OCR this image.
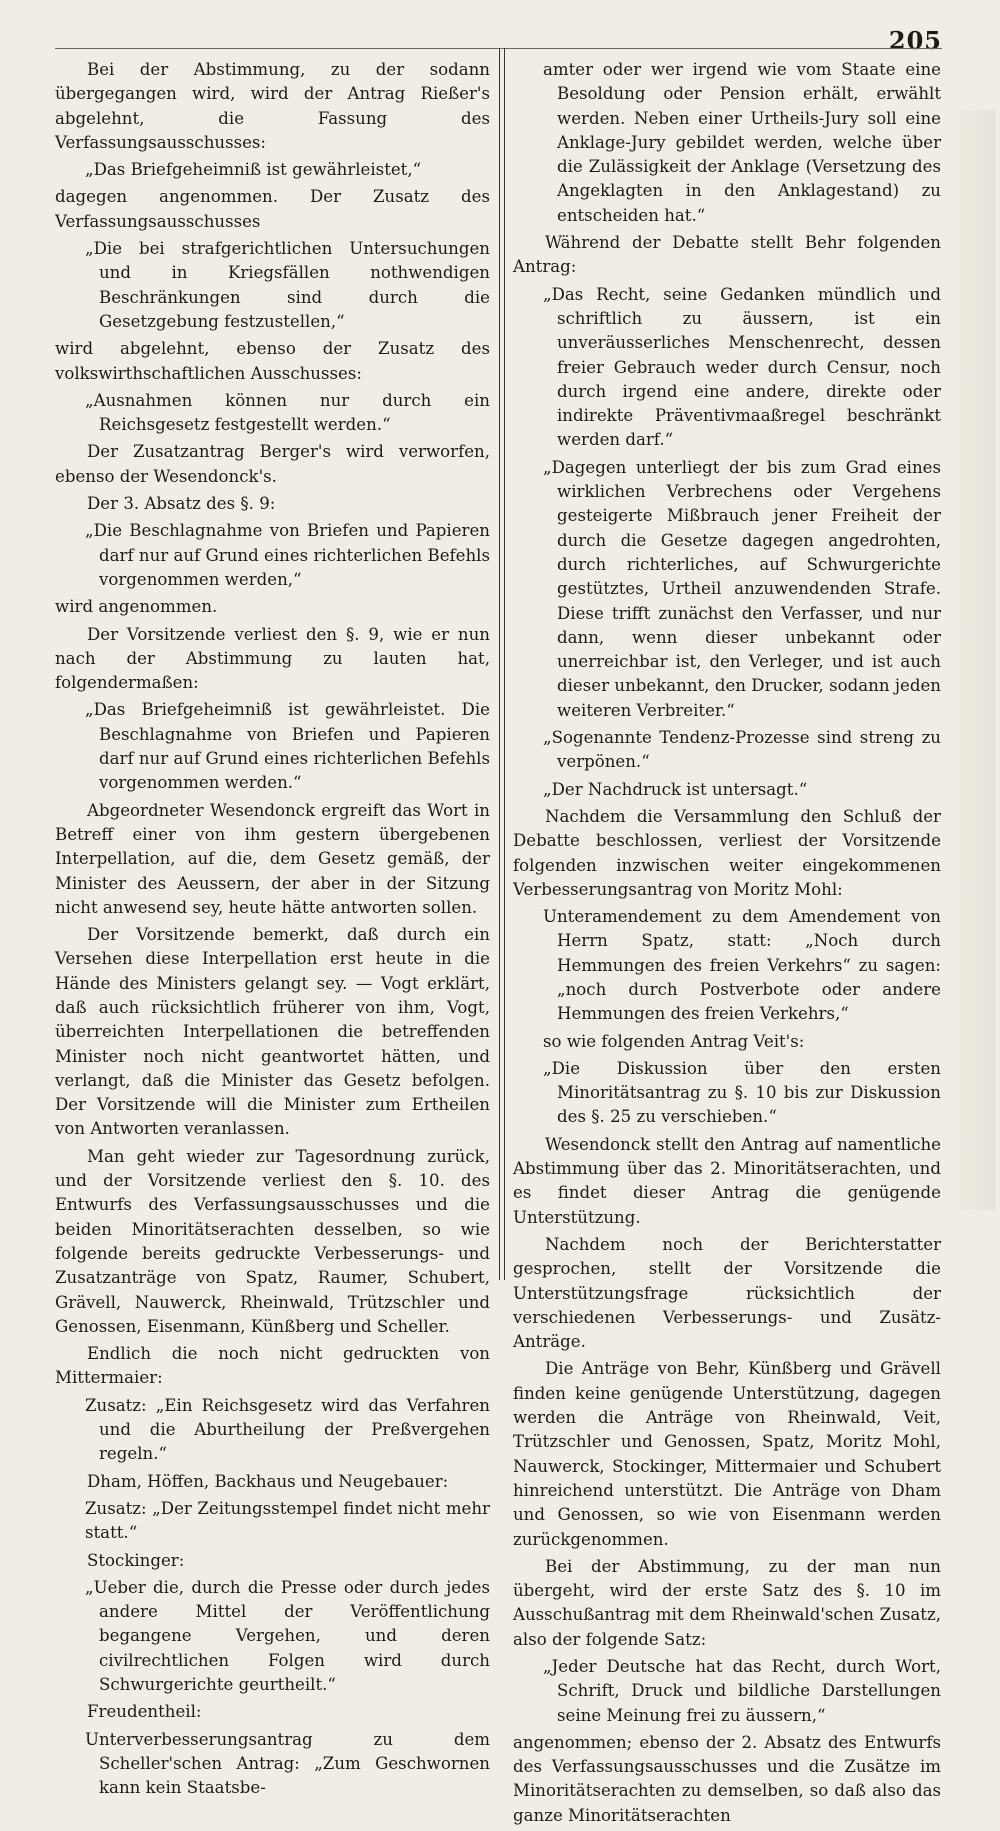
205

Bei der Abstimmung, zu der sodann übergegangen wird, wird der Antrag Rießer's abgelehnt, die Fassung des Verfassungsausschusses:

„Das Briefgeheimniß ist gewährleistet,“

dagegen angenommen. Der Zusatz des Verfassungsausschusses

„Die bei strafgerichtlichen Untersuchungen und in Kriegsfällen nothwendigen Beschränkungen sind durch die Gesetzgebung festzustellen,“

wird abgelehnt, ebenso der Zusatz des volkswirthschaftlichen Ausschusses:

„Ausnahmen können nur durch ein Reichsgesetz festgestellt werden.“

Der Zusatzantrag Berger's wird verworfen, ebenso der Wesendonck's.

Der 3. Absatz des §. 9:

„Die Beschlagnahme von Briefen und Papieren darf nur auf Grund eines richterlichen Befehls vorgenommen werden,“

wird angenommen.

Der Vorsitzende verliest den §. 9, wie er nun nach der Abstimmung zu lauten hat, folgendermaßen:

„Das Briefgeheimniß ist gewährleistet. Die Beschlagnahme von Briefen und Papieren darf nur auf Grund eines richterlichen Befehls vorgenommen werden.“

Abgeordneter Wesendonck ergreift das Wort in Betreff einer von ihm gestern übergebenen Interpellation, auf die, dem Gesetz gemäß, der Minister des Aeussern, der aber in der Sitzung nicht anwesend sey, heute hätte antworten sollen.

Der Vorsitzende bemerkt, daß durch ein Versehen diese Interpellation erst heute in die Hände des Ministers gelangt sey. — Vogt erklärt, daß auch rücksichtlich früherer von ihm, Vogt, überreichten Interpellationen die betreffenden Minister noch nicht geantwortet hätten, und verlangt, daß die Minister das Gesetz befolgen. Der Vorsitzende will die Minister zum Ertheilen von Antworten veranlassen.

Man geht wieder zur Tagesordnung zurück, und der Vorsitzende verliest den §. 10. des Entwurfs des Verfassungsausschusses und die beiden Minoritätserachten desselben, so wie folgende bereits gedruckte Verbesserungs- und Zusatzanträge von Spatz, Raumer, Schubert, Grävell, Nauwerck, Rheinwald, Trützschler und Genossen, Eisenmann, Künßberg und Scheller.

Endlich die noch nicht gedruckten von Mittermaier:

Zusatz: „Ein Reichsgesetz wird das Verfahren und die Aburtheilung der Preßvergehen regeln.“

Dham, Höffen, Backhaus und Neugebauer:

Zusatz: „Der Zeitungsstempel findet nicht mehr statt.“

Stockinger:

„Ueber die, durch die Presse oder durch jedes andere Mittel der Veröffentlichung begangene Vergehen, und deren civilrechtlichen Folgen wird durch Schwurgerichte geurtheilt.“

Freudentheil:

Unterverbesserungsantrag zu dem Scheller'schen Antrag: „Zum Geschwornen kann kein Staatsbe-

amter oder wer irgend wie vom Staate eine Besoldung oder Pension erhält, erwählt werden. Neben einer Urtheils-Jury soll eine Anklage-Jury gebildet werden, welche über die Zulässigkeit der Anklage (Versetzung des Angeklagten in den Anklagestand) zu entscheiden hat.“

Während der Debatte stellt Behr folgenden Antrag:

„Das Recht, seine Gedanken mündlich und schriftlich zu äussern, ist ein unveräusserliches Menschenrecht, dessen freier Gebrauch weder durch Censur, noch durch irgend eine andere, direkte oder indirekte Präventivmaaßregel beschränkt werden darf.“

„Dagegen unterliegt der bis zum Grad eines wirklichen Verbrechens oder Vergehens gesteigerte Mißbrauch jener Freiheit der durch die Gesetze dagegen angedrohten, durch richterliches, auf Schwurgerichte gestütztes, Urtheil anzuwendenden Strafe. Diese trifft zunächst den Verfasser, und nur dann, wenn dieser unbekannt oder unerreichbar ist, den Verleger, und ist auch dieser unbekannt, den Drucker, sodann jeden weiteren Verbreiter.“

„Sogenannte Tendenz-Prozesse sind streng zu verpönen.“

„Der Nachdruck ist untersagt.“

Nachdem die Versammlung den Schluß der Debatte beschlossen, verliest der Vorsitzende folgenden inzwischen weiter eingekommenen Verbesserungsantrag von Moritz Mohl:

Unteramendement zu dem Amendement von Herrn Spatz, statt: „Noch durch Hemmungen des freien Verkehrs“ zu sagen: „noch durch Postverbote oder andere Hemmungen des freien Verkehrs,“

so wie folgenden Antrag Veit's:

„Die Diskussion über den ersten Minoritätsantrag zu §. 10 bis zur Diskussion des §. 25 zu verschieben.“

Wesendonck stellt den Antrag auf namentliche Abstimmung über das 2. Minoritätserachten, und es findet dieser Antrag die genügende Unterstützung.

Nachdem noch der Berichterstatter gesprochen, stellt der Vorsitzende die Unterstützungsfrage rücksichtlich der verschiedenen Verbesserungs- und Zusätz-Anträge.

Die Anträge von Behr, Künßberg und Grävell finden keine genügende Unterstützung, dagegen werden die Anträge von Rheinwald, Veit, Trützschler und Genossen, Spatz, Moritz Mohl, Nauwerck, Stockinger, Mittermaier und Schubert hinreichend unterstützt. Die Anträge von Dham und Genossen, so wie von Eisenmann werden zurückgenommen.

Bei der Abstimmung, zu der man nun übergeht, wird der erste Satz des §. 10 im Ausschußantrag mit dem Rheinwald'schen Zusatz, also der folgende Satz:

„Jeder Deutsche hat das Recht, durch Wort, Schrift, Druck und bildliche Darstellungen seine Meinung frei zu äussern,“

angenommen; ebenso der 2. Absatz des Entwurfs des Verfassungsausschusses und die Zusätze im Minoritätserachten zu demselben, so daß also das ganze Minoritätserachten
